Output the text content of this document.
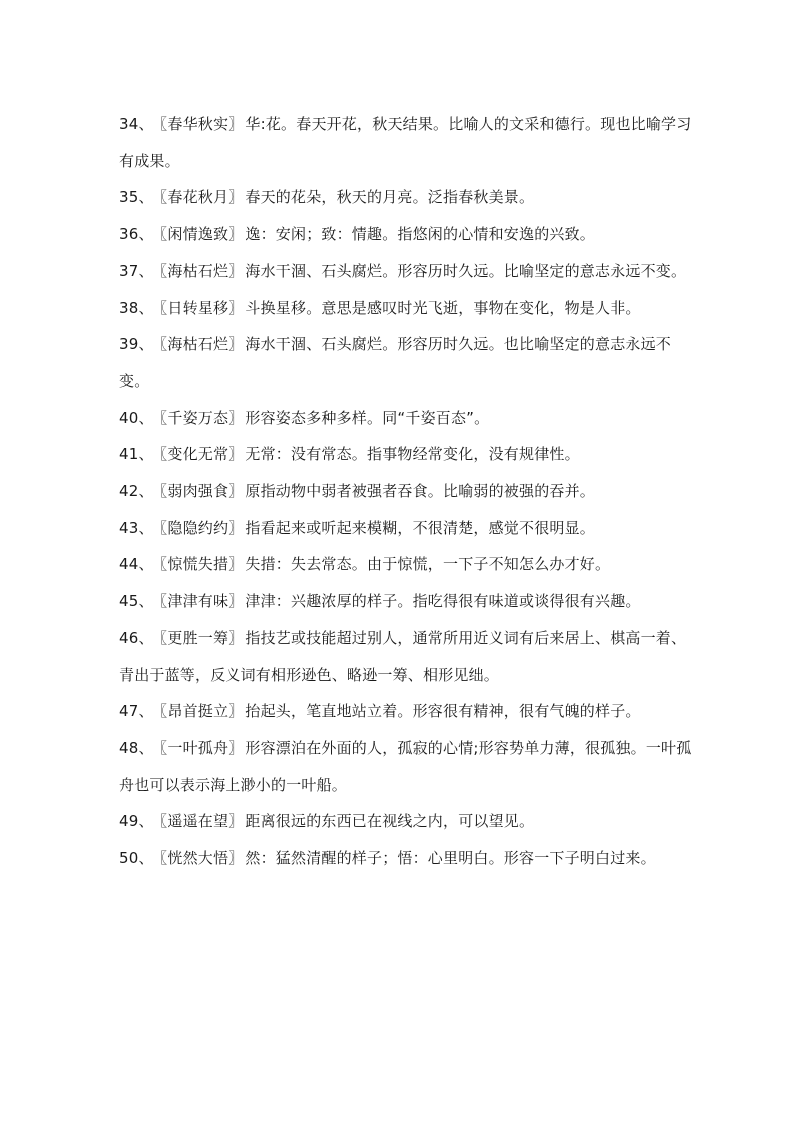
34、 〖春华秋实〗 华:花。春天开花，秋天结果。比喻人的文采和德行。现也比喻学习有成果。
35、 〖春花秋月〗 春天的花朵，秋天的月亮。泛指春秋美景。
36、 〖闲情逸致〗 逸：安闲；致：情趣。指悠闲的心情和安逸的兴致。
37、 〖海枯石烂〗 海水干涸、石头腐烂。形容历时久远。比喻坚定的意志永远不变。
38、 〖日转星移〗 斗换星移。意思是感叹时光飞逝，事物在变化，物是人非。
39、 〖海枯石烂〗 海水干涸、石头腐烂。形容历时久远。也比喻坚定的意志永远不变。
40、 〖千姿万态〗 形容姿态多种多样。同“千姿百态”。
41、 〖变化无常〗 无常：没有常态。指事物经常变化，没有规律性。
42、 〖弱肉强食〗 原指动物中弱者被强者吞食。比喻弱的被强的吞并。
43、 〖隐隐约约〗 指看起来或听起来模糊，不很清楚，感觉不很明显。
44、 〖惊慌失措〗 失措：失去常态。由于惊慌，一下子不知怎么办才好。
45、 〖津津有味〗 津津：兴趣浓厚的样子。指吃得很有味道或谈得很有兴趣。
46、 〖更胜一筹〗 指技艺或技能超过别人，通常所用近义词有后来居上、棋高一着、青出于蓝等，反义词有相形逊色、略逊一筹、相形见绌。
47、 〖昂首挺立〗 抬起头，笔直地站立着。形容很有精神，很有气魄的样子。
48、 〖一叶孤舟〗 形容漂泊在外面的人，孤寂的心情;形容势单力薄，很孤独。一叶孤舟也可以表示海上渺小的一叶船。
49、 〖遥遥在望〗 距离很远的东西已在视线之内，可以望见。
50、 〖恍然大悟〗 然：猛然清醒的样子；悟：心里明白。形容一下子明白过来。
